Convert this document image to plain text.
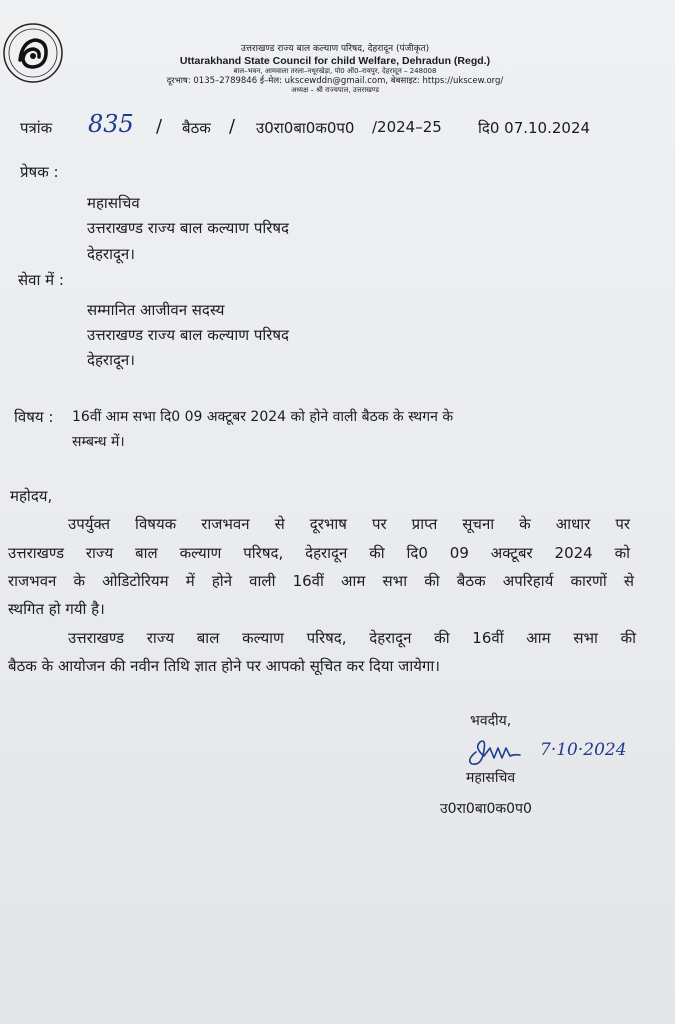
उत्तराखण्ड राज्य बाल कल्याण परिषद, देहरादून (पंजीकृत)
Uttarakhand State Council for child Welfare, Dehradun (Regd.)
बाल–भवन, आमवाला तरला–नथूरखेड़ा, पो0 ऑ0–रायपुर, देहरादून – 248008
दूरभाष: 0135–2789846 ई–मेल: ukscewddn@gmail.com, बेबसाइट: https://ukscew.org/
अध्यक्ष – श्री राज्यपाल, उत्तराखण्ड
पत्रांक 835 / बैठक / उ0रा0बा0क0प0 /2024–25 दि0 07.10.2024
प्रेषक :
महासचिव
उत्तराखण्ड राज्य बाल कल्याण परिषद
देहरादून।
सेवा में :
सम्मानित आजीवन सदस्य
उत्तराखण्ड राज्य बाल कल्याण परिषद
देहरादून।
विषय : 16वीं आम सभा दि0 09 अक्टूबर 2024 को होने वाली बैठक के स्थगन के
सम्बन्ध में।
महोदय,
उपर्युक्त विषयक राजभवन से दूरभाष पर प्राप्त सूचना के आधार पर
उत्तराखण्ड राज्य बाल कल्याण परिषद, देहरादून की दि0 09 अक्टूबर 2024 को
राजभवन के ओडिटोरियम में होने वाली 16वीं आम सभा की बैठक अपरिहार्य कारणों से
स्थगित हो गयी है।
उत्तराखण्ड राज्य बाल कल्याण परिषद, देहरादून की 16वीं आम सभा की
बैठक के आयोजन की नवीन तिथि ज्ञात होने पर आपको सूचित कर दिया जायेगा।
भवदीय,
7·10·2024
महासचिव
उ0रा0बा0क0प0
